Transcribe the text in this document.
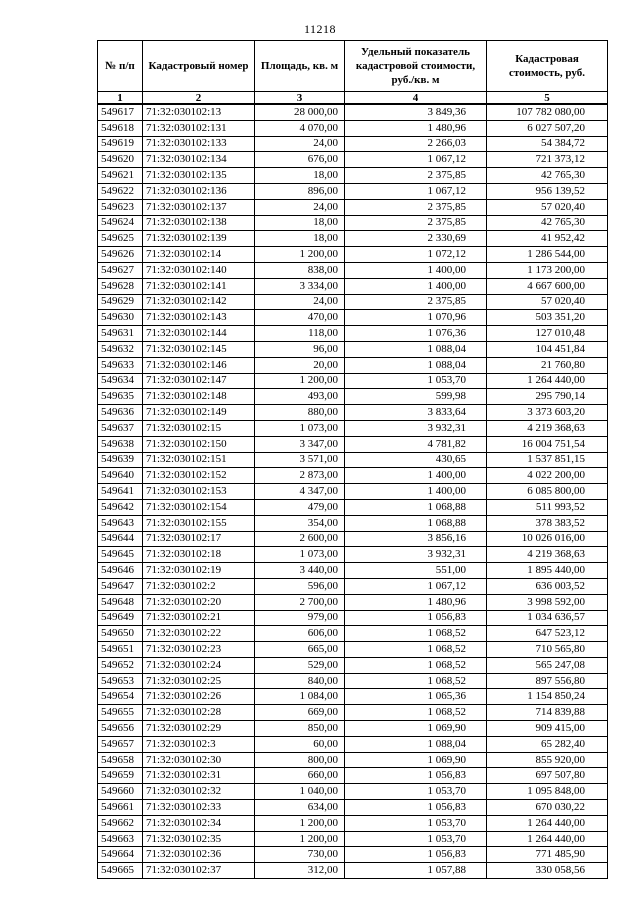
11218
№ п/п	Кадастровый номер	Площадь, кв. м	Удельный показатель кадастровой стоимости, руб./кв. м	Кадастровая стоимость, руб.
1	2	3	4	5
549617	71:32:030102:13	28 000,00	3 849,36	107 782 080,00
549618	71:32:030102:131	4 070,00	1 480,96	6 027 507,20
549619	71:32:030102:133	24,00	2 266,03	54 384,72
549620	71:32:030102:134	676,00	1 067,12	721 373,12
549621	71:32:030102:135	18,00	2 375,85	42 765,30
549622	71:32:030102:136	896,00	1 067,12	956 139,52
549623	71:32:030102:137	24,00	2 375,85	57 020,40
549624	71:32:030102:138	18,00	2 375,85	42 765,30
549625	71:32:030102:139	18,00	2 330,69	41 952,42
549626	71:32:030102:14	1 200,00	1 072,12	1 286 544,00
549627	71:32:030102:140	838,00	1 400,00	1 173 200,00
549628	71:32:030102:141	3 334,00	1 400,00	4 667 600,00
549629	71:32:030102:142	24,00	2 375,85	57 020,40
549630	71:32:030102:143	470,00	1 070,96	503 351,20
549631	71:32:030102:144	118,00	1 076,36	127 010,48
549632	71:32:030102:145	96,00	1 088,04	104 451,84
549633	71:32:030102:146	20,00	1 088,04	21 760,80
549634	71:32:030102:147	1 200,00	1 053,70	1 264 440,00
549635	71:32:030102:148	493,00	599,98	295 790,14
549636	71:32:030102:149	880,00	3 833,64	3 373 603,20
549637	71:32:030102:15	1 073,00	3 932,31	4 219 368,63
549638	71:32:030102:150	3 347,00	4 781,82	16 004 751,54
549639	71:32:030102:151	3 571,00	430,65	1 537 851,15
549640	71:32:030102:152	2 873,00	1 400,00	4 022 200,00
549641	71:32:030102:153	4 347,00	1 400,00	6 085 800,00
549642	71:32:030102:154	479,00	1 068,88	511 993,52
549643	71:32:030102:155	354,00	1 068,88	378 383,52
549644	71:32:030102:17	2 600,00	3 856,16	10 026 016,00
549645	71:32:030102:18	1 073,00	3 932,31	4 219 368,63
549646	71:32:030102:19	3 440,00	551,00	1 895 440,00
549647	71:32:030102:2	596,00	1 067,12	636 003,52
549648	71:32:030102:20	2 700,00	1 480,96	3 998 592,00
549649	71:32:030102:21	979,00	1 056,83	1 034 636,57
549650	71:32:030102:22	606,00	1 068,52	647 523,12
549651	71:32:030102:23	665,00	1 068,52	710 565,80
549652	71:32:030102:24	529,00	1 068,52	565 247,08
549653	71:32:030102:25	840,00	1 068,52	897 556,80
549654	71:32:030102:26	1 084,00	1 065,36	1 154 850,24
549655	71:32:030102:28	669,00	1 068,52	714 839,88
549656	71:32:030102:29	850,00	1 069,90	909 415,00
549657	71:32:030102:3	60,00	1 088,04	65 282,40
549658	71:32:030102:30	800,00	1 069,90	855 920,00
549659	71:32:030102:31	660,00	1 056,83	697 507,80
549660	71:32:030102:32	1 040,00	1 053,70	1 095 848,00
549661	71:32:030102:33	634,00	1 056,83	670 030,22
549662	71:32:030102:34	1 200,00	1 053,70	1 264 440,00
549663	71:32:030102:35	1 200,00	1 053,70	1 264 440,00
549664	71:32:030102:36	730,00	1 056,83	771 485,90
549665	71:32:030102:37	312,00	1 057,88	330 058,56
